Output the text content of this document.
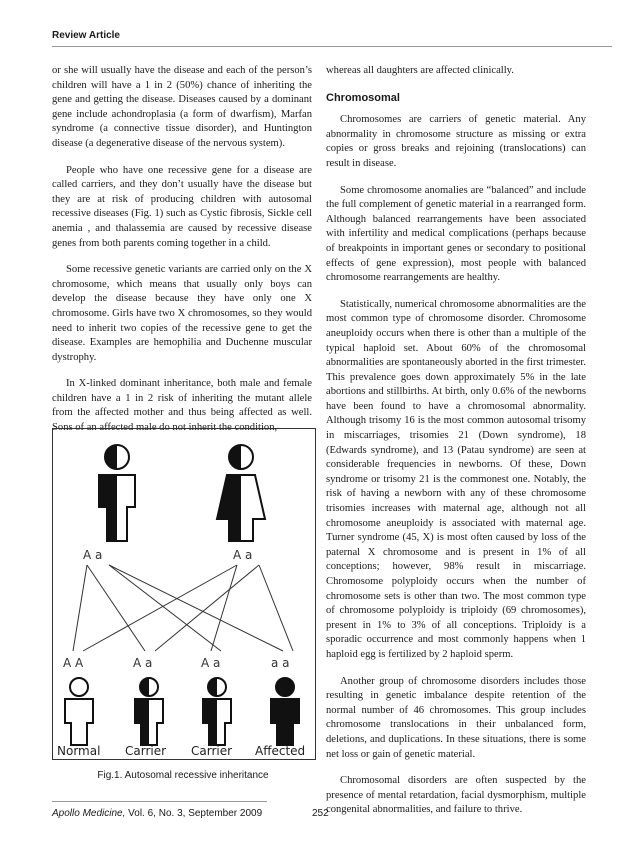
Review Article

or she will usually have the disease and each of the person’s children will have a 1 in 2 (50%) chance of inheriting the gene and getting the disease. Diseases caused by a dominant gene include achondroplasia (a form of dwarfism), Marfan syndrome (a connective tissue disorder), and Huntington disease (a degenerative disease of the nervous system).

People who have one recessive gene for a disease are called carriers, and they don’t usually have the disease but they are at risk of producing children with autosomal recessive diseases (Fig. 1) such as Cystic fibrosis, Sickle cell anemia , and thalassemia are caused by recessive disease genes from both parents coming together in a child.

Some recessive genetic variants are carried only on the X chromosome, which means that usually only boys can develop the disease because they have only one X chromosome. Girls have two X chromosomes, so they would need to inherit two copies of the recessive gene to get the disease. Examples are hemophilia and Duchenne muscular dystrophy.

In X-linked dominant inheritance, both male and female children have a 1 in 2 risk of inheriting the mutant allele from the affected mother and thus being affected as well. Sons of an affected male do not inherit the condition,

whereas all daughters are affected clinically.

Chromosomal

Chromosomes are carriers of genetic material. Any abnormality in chromosome structure as missing or extra copies or gross breaks and rejoining (translocations) can result in disease.

Some chromosome anomalies are “balanced” and include the full complement of genetic material in a rearranged form. Although balanced rearrangements have been associated with infertility and medical complications (perhaps because of breakpoints in important genes or secondary to positional effects of gene expression), most people with balanced chromosome rearrangements are healthy.

Statistically, numerical chromosome abnormalities are the most common type of chromosome disorder. Chromosome aneuploidy occurs when there is other than a multiple of the typical haploid set. About 60% of the chromosomal abnormalities are spontaneously aborted in the first trimester. This prevalence goes down approximately 5% in the late abortions and stillbirths. At birth, only 0.6% of the newborns have been found to have a chromosomal abnormality. Although trisomy 16 is the most common autosomal trisomy in miscarriages, trisomies 21 (Down syndrome), 18 (Edwards syndrome), and 13 (Patau syndrome) are seen at considerable frequencies in newborns. Of these, Down syndrome or trisomy 21 is the commonest one. Notably, the risk of having a newborn with any of these chromosome trisomies increases with maternal age, although not all chromosome aneuploidy is associated with maternal age. Turner syndrome (45, X) is most often caused by loss of the paternal X chromosome and is present in 1% of all conceptions; however, 98% result in miscarriage. Chromosome polyploidy occurs when the number of chromosome sets is other than two. The most common type of chromosome polyploidy is triploidy (69 chromosomes), present in 1% to 3% of all conceptions. Triploidy is a sporadic occurrence and most commonly happens when 1 haploid egg is fertilized by 2 haploid sperm.

Another group of chromosome disorders includes those resulting in genetic imbalance despite retention of the normal number of 46 chromosomes. This group includes chromosome translocations in their unbalanced form, deletions, and duplications. In these situations, there is some net loss or gain of genetic material.

Chromosomal disorders are often suspected by the presence of mental retardation, facial dysmorphism, multiple congenital abnormalities, and failure to thrive.

A a	A a
A A	A a	A a	a a
Normal Carrier Carrier Affected
Fig.1. Autosomal recessive inheritance
Apollo Medicine, Vol. 6, No. 3, September 2009	252
